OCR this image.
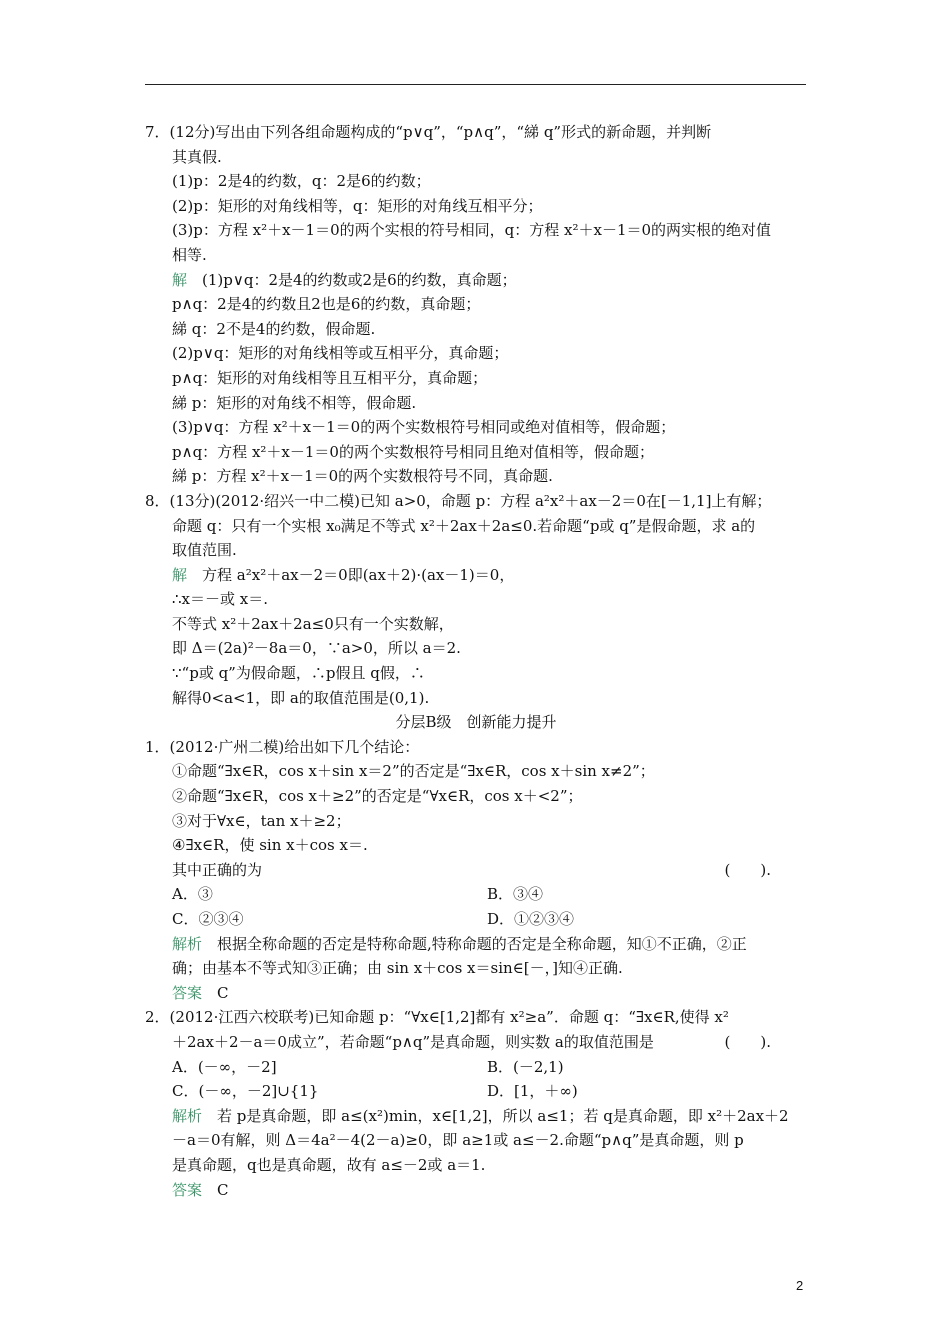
7．(12分)写出由下列各组命题构成的“p∨q”，“p∧q”，“綈 q”形式的新命题，并判断
其真假.
(1)p：2是4的约数，q：2是6的约数；
(2)p：矩形的对角线相等，q：矩形的对角线互相平分；
(3)p：方程 x²＋x－1＝0的两个实根的符号相同，q：方程 x²＋x－1＝0的两实根的绝对值
相等.
解　(1)p∨q：2是4的约数或2是6的约数，真命题；
p∧q：2是4的约数且2也是6的约数，真命题；
綈 q：2不是4的约数，假命题.
(2)p∨q：矩形的对角线相等或互相平分，真命题；
p∧q：矩形的对角线相等且互相平分，真命题；
綈 p：矩形的对角线不相等，假命题.
(3)p∨q：方程 x²＋x－1＝0的两个实数根符号相同或绝对值相等，假命题；
p∧q：方程 x²＋x－1＝0的两个实数根符号相同且绝对值相等，假命题；
綈 p：方程 x²＋x－1＝0的两个实数根符号不同，真命题.
8．(13分)(2012·绍兴一中二模)已知 a>0，命题 p：方程 a²x²＋ax－2＝0在[－1,1]上有解；
命题 q：只有一个实根 x₀满足不等式 x²＋2ax＋2a≤0.若命题“p或 q”是假命题，求 a的
取值范围.
解　方程 a²x²＋ax－2＝0即(ax＋2)·(ax－1)＝0，
∴x＝－或 x＝.
不等式 x²＋2ax＋2a≤0只有一个实数解，
即 Δ＝(2a)²－8a＝0，∵a>0，所以 a＝2.
∵“p或 q”为假命题，∴p假且 q假，∴
解得0<a<1，即 a的取值范围是(0,1).
分层B级　创新能力提升
1．(2012·广州二模)给出如下几个结论：
①命题“∃x∈R，cos x＋sin x＝2”的否定是“∃x∈R，cos x＋sin x≠2”；
②命题“∃x∈R，cos x＋≥2”的否定是“∀x∈R，cos x＋<2”；
③对于∀x∈，tan x＋≥2；
④∃x∈R，使 sin x＋cos x＝.
(　　).
其中正确的为
A．③	B．③④
C．②③④	D．①②③④
解析　根据全称命题的否定是特称命题,特称命题的否定是全称命题，知①不正确，②正
确；由基本不等式知③正确；由 sin x＋cos x＝sin∈[－，]知④正确.
答案　C
2．(2012·江西六校联考)已知命题 p：“∀x∈[1,2]都有 x²≥a”．命题 q：“∃x∈R,使得 x²
(　　).
＋2ax＋2－a＝0成立”，若命题“p∧q”是真命题，则实数 a的取值范围是
A．(－∞，－2]	B．(－2,1)
C．(－∞，－2]∪{1}	D．[1，＋∞)
解析　若 p是真命题，即 a≤(x²)min，x∈[1,2]，所以 a≤1；若 q是真命题，即 x²＋2ax＋2
－a＝0有解，则 Δ＝4a²－4(2－a)≥0，即 a≥1或 a≤－2.命题“p∧q”是真命题，则 p
是真命题，q也是真命题，故有 a≤－2或 a＝1.
答案　C
2
